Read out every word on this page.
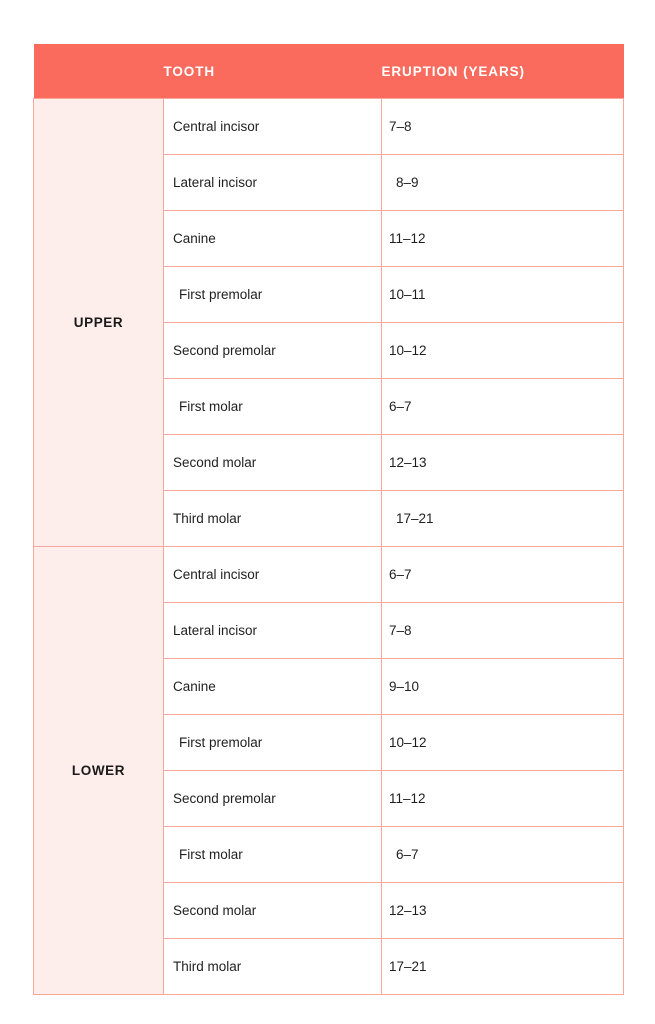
	TOOTH	ERUPTION (YEARS)
UPPER	Central incisor	7–8
	Lateral incisor	8–9
	Canine	11–12
	First premolar	10–11
	Second premolar	10–12
	First molar	6–7
	Second molar	12–13
	Third molar	17–21
LOWER	Central incisor	6–7
	Lateral incisor	7–8
	Canine	9–10
	First premolar	10–12
	Second premolar	11–12
	First molar	6–7
	Second molar	12–13
	Third molar	17–21
